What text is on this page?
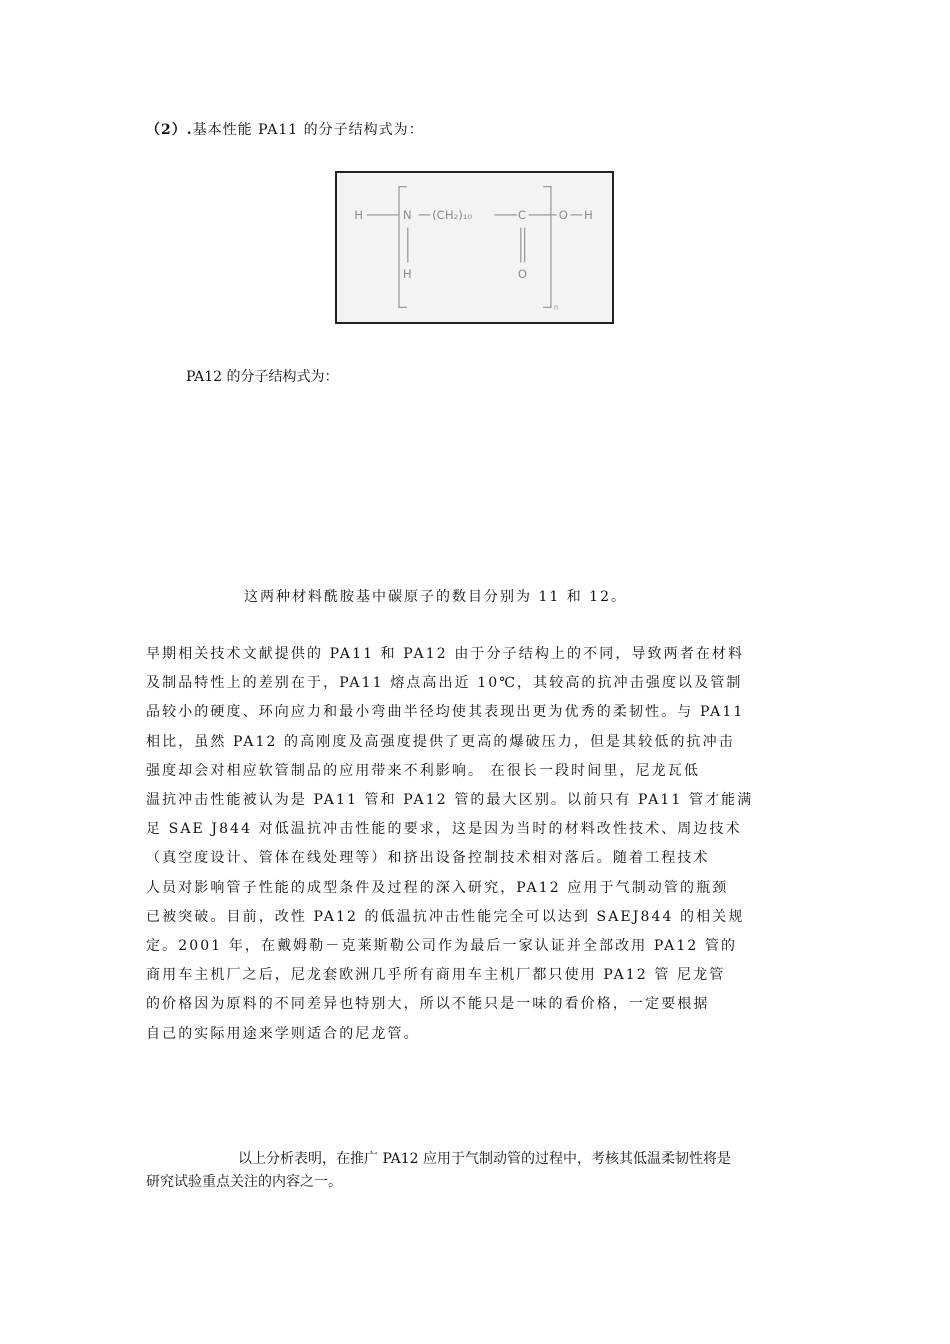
（2）.基本性能 PA11 的分子结构式为：
H	N (CH₂)₁₀	C	O H
H	O
n
PA12 的分子结构式为：
这两种材料酰胺基中碳原子的数目分别为 11 和 12。

早期相关技术文献提供的 PA11 和 PA12 由于分子结构上的不同，导致两者在材料
及制品特性上的差别在于，PA11 熔点高出近 10℃，其较高的抗冲击强度以及管制
品较小的硬度、环向应力和最小弯曲半径均使其表现出更为优秀的柔韧性。与 PA11
相比，虽然 PA12 的高刚度及高强度提供了更高的爆破压力，但是其较低的抗冲击
强度却会对相应软管制品的应用带来不利影响。 在很长一段时间里，尼龙瓦低
温抗冲击性能被认为是 PA11 管和 PA12 管的最大区别。以前只有 PA11 管才能满
足 SAE J844 对低温抗冲击性能的要求，这是因为当时的材料改性技术、周边技术
（真空度设计、管体在线处理等）和挤出设备控制技术相对落后。随着工程技术
人员对影响管子性能的成型条件及过程的深入研究，PA12 应用于气制动管的瓶颈
已被突破。目前，改性 PA12 的低温抗冲击性能完全可以达到 SAEJ844 的相关规
定。2001 年，在戴姆勒－克莱斯勒公司作为最后一家认证并全部改用 PA12 管的
商用车主机厂之后，尼龙套欧洲几乎所有商用车主机厂都只使用 PA12 管 尼龙管
的价格因为原料的不同差异也特别大，所以不能只是一味的看价格，一定要根据
自己的实际用途来学则适合的尼龙管。

以上分析表明，在推广 PA12 应用于气制动管的过程中，考核其低温柔韧性将是
研究试验重点关注的内容之一。
